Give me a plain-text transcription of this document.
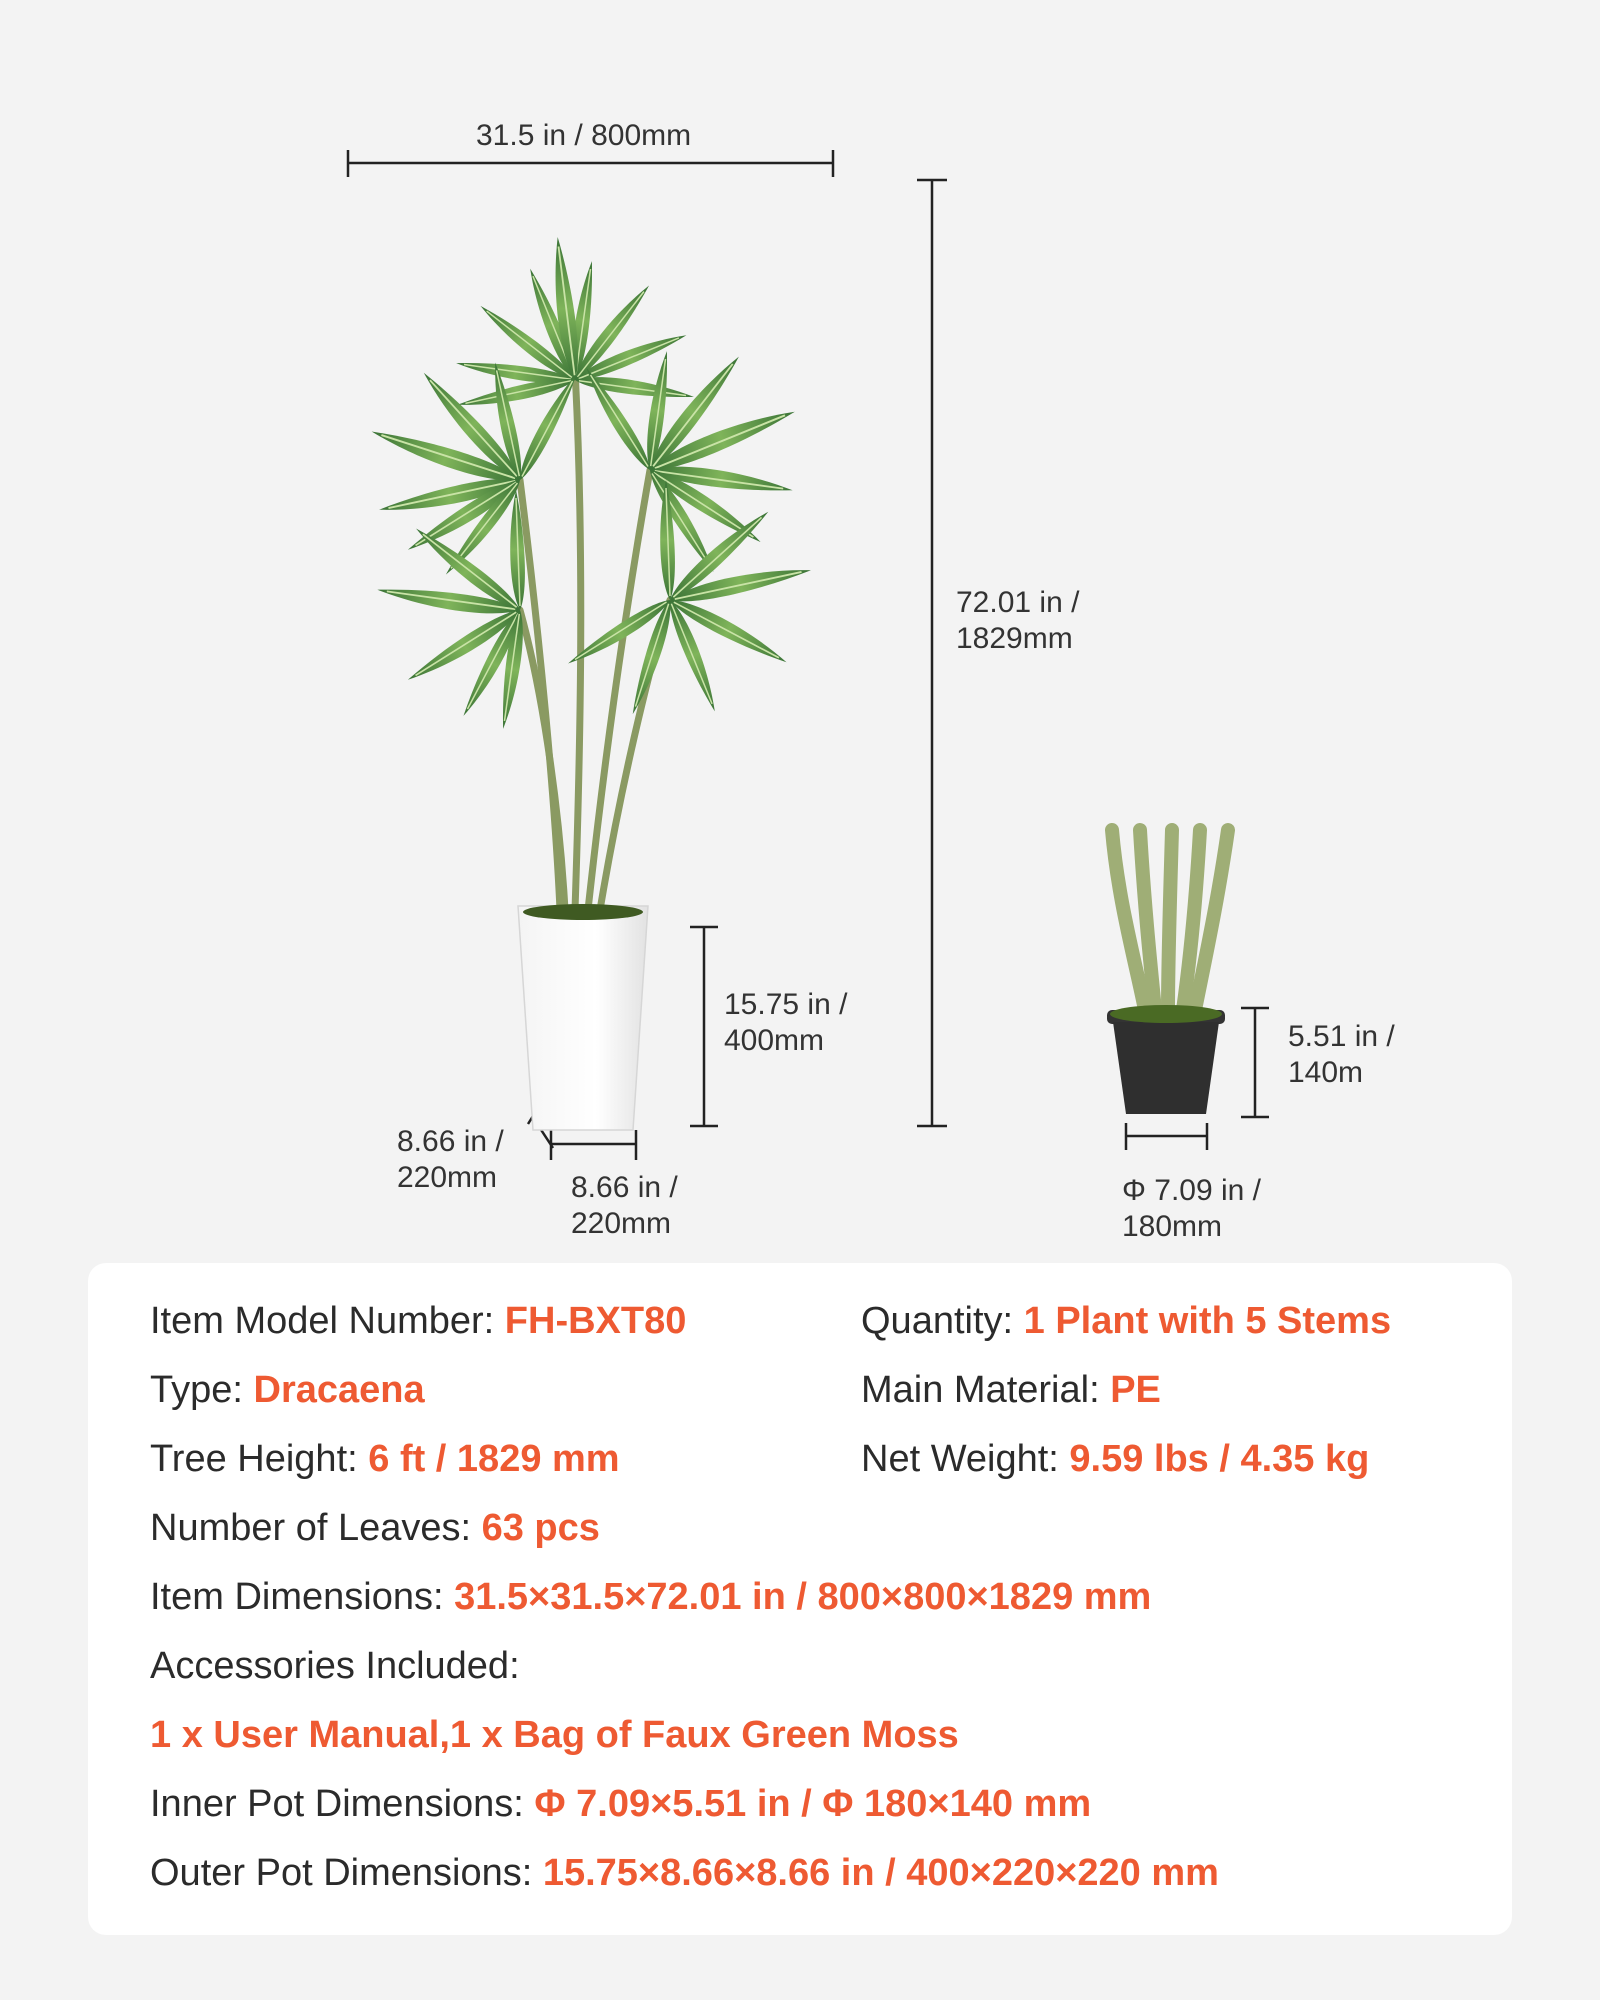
31.5 in / 800mm
72.01 in /
1829mm
15.75 in /
400mm
8.66 in /
220mm 8.66 in /
220mm
5.51 in /
140m
Φ 7.09 in /
180mm
Item Model Number: FH-BXT80	Quantity: 1 Plant with 5 Stems
Type: Dracaena	Main Material: PE
Tree Height: 6 ft / 1829 mm	Net Weight: 9.59 lbs / 4.35 kg
Number of Leaves: 63 pcs
Item Dimensions: 31.5×31.5×72.01 in / 800×800×1829 mm
Accessories Included:
1 x User Manual,1 x Bag of Faux Green Moss
Inner Pot Dimensions: Φ 7.09×5.51 in / Φ 180×140 mm
Outer Pot Dimensions: 15.75×8.66×8.66 in / 400×220×220 mm
